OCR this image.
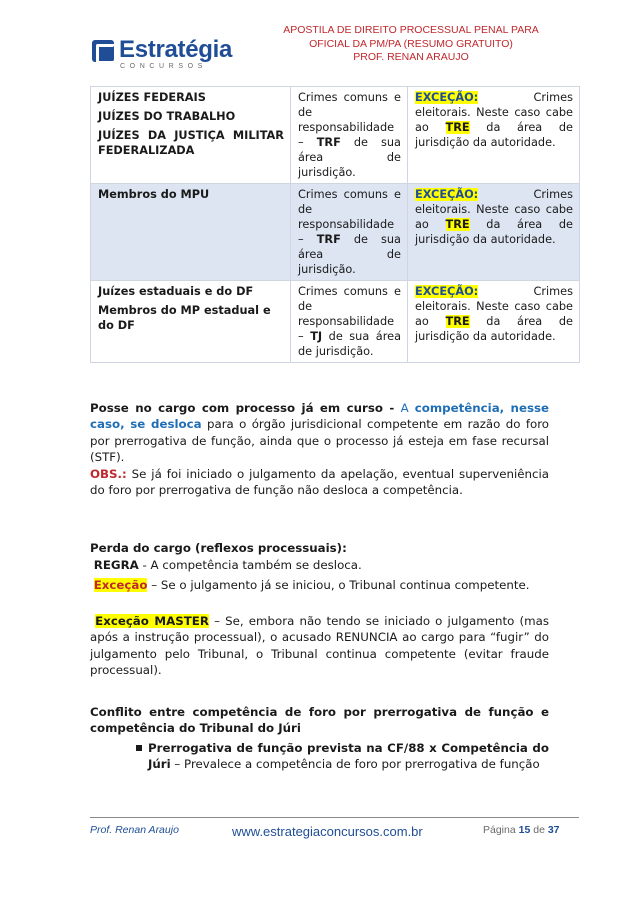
Estratégia
CONCURSOS
APOSTILA DE DIREITO PROCESSUAL PENAL PARA
OFICIAL DA PM/PA (RESUMO GRATUITO)
PROF. RENAN ARAUJO
JUÍZES FEDERAIS
JUÍZES DO TRABALHO
JUÍZES DA JUSTIÇA MILITAR FEDERALIZADA	Crimes comuns e de responsabilidade – TRF de sua área de jurisdição.	EXCEÇÃO: Crimes eleitorais. Neste caso cabe ao TRE da área de jurisdição da autoridade.

Membros do MPU	Crimes comuns e de responsabilidade – TRF de sua área de jurisdição.	EXCEÇÃO: Crimes eleitorais. Neste caso cabe ao TRE da área de jurisdição da autoridade.

Juízes estaduais e do DF
Membros do MP estadual e do DF	Crimes comuns e de responsabilidade – TJ de sua área de jurisdição.	EXCEÇÃO: Crimes eleitorais. Neste caso cabe ao TRE da área de jurisdição da autoridade.

Posse no cargo com processo já em curso - A competência, nesse caso, se desloca para o órgão jurisdicional competente em razão do foro por prerrogativa de função, ainda que o processo já esteja em fase recursal (STF).

OBS.: Se já foi iniciado o julgamento da apelação, eventual superveniência do foro por prerrogativa de função não desloca a competência.

Perda do cargo (reflexos processuais):

REGRA - A competência também se desloca.

Exceção – Se o julgamento já se iniciou, o Tribunal continua competente.

Exceção MASTER – Se, embora não tendo se iniciado o julgamento (mas após a instrução processual), o acusado RENUNCIA ao cargo para “fugir” do julgamento pelo Tribunal, o Tribunal continua competente (evitar fraude processual).

Conflito entre competência de foro por prerrogativa de função e competência do Tribunal do Júri

Prerrogativa de função prevista na CF/88 x Competência do Júri – Prevalece a competência de foro por prerrogativa de função
Prof. Renan Araujo	www.estrategiaconcursos.com.br	Página 15 de 37
